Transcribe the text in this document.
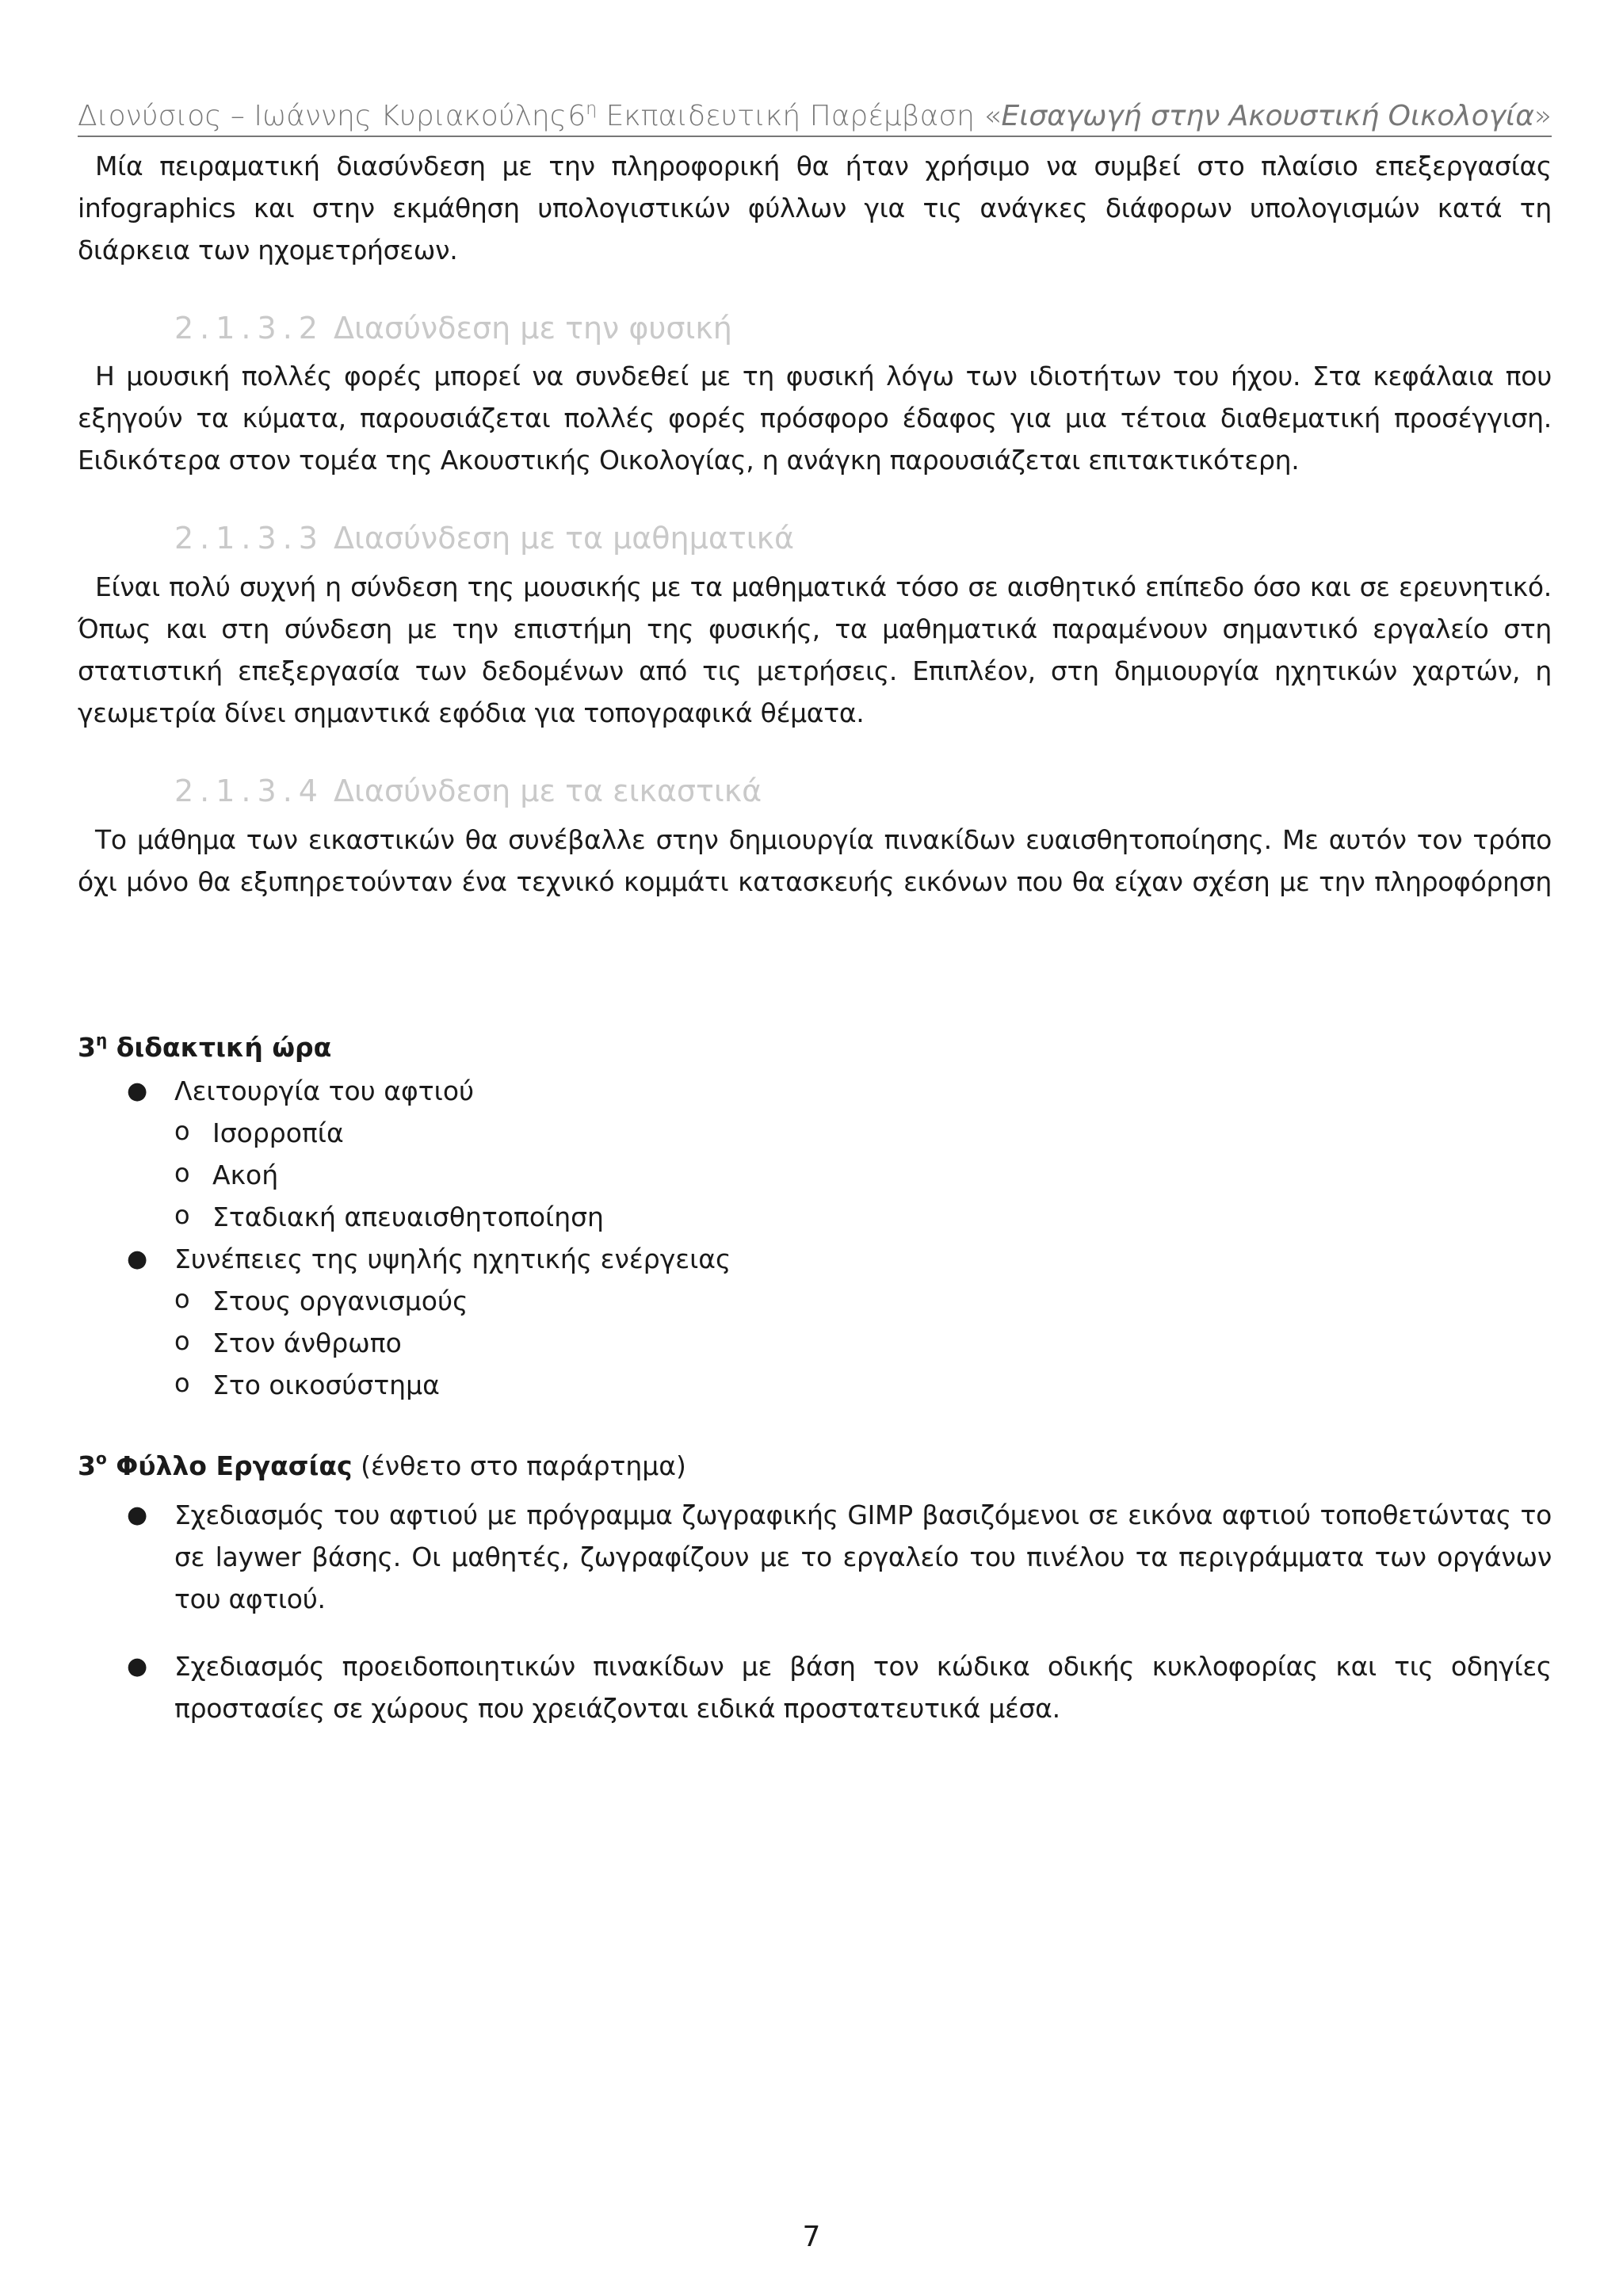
Διονύσιος – Ιωάννης Κυριακούλης $6^\eta$
Εκπαιδευτική Παρέμβαση « Εισαγωγή στην Ακουστική Οικολογία »
Μία πειραματική διασύνδεση με την πληροφορική θα ήταν χρήσιμο να συμβεί στο πλαίσιο επεξεργασίας infographics και στην εκμάθηση υπολογιστικών φύλλων για τις ανάγκες διάφορων υπολογισμών κατά τη διάρκεια των ηχομετρήσεων.
2.1.3.2 Διασύνδεση με την φυσική
Η μουσική πολλές φορές μπορεί να συνδεθεί με τη φυσική λόγω των ιδιοτήτων του ήχου. Στα κεφάλαια που εξηγούν τα κύματα, παρουσιάζεται πολλές φορές πρόσφορο έδαφος για μια τέτοια διαθεματική προσέγγιση. Ειδικότερα στον τομέα της Ακουστικής Οικολογίας, η ανάγκη παρουσιάζεται επιτακτικότερη.
2.1.3.3 Διασύνδεση με τα μαθηματικά
Είναι πολύ συχνή η σύνδεση της μουσικής με τα μαθηματικά τόσο σε αισθητικό επίπεδο όσο και σε ερευνητικό. Όπως και στη σύνδεση με την επιστήμη της φυσικής, τα μαθηματικά παραμένουν σημαντικό εργαλείο στη στατιστική επεξεργασία των δεδομένων από τις μετρήσεις. Επιπλέον, στη δημιουργία ηχητικών χαρτών, η γεωμετρία δίνει σημαντικά εφόδια για τοπογραφικά θέματα.
2.1.3.4 Διασύνδεση με τα εικαστικά
Το μάθημα των εικαστικών θα συνέβαλλε στην δημιουργία πινακίδων ευαισθητοποίησης. Με αυτόν τον τρόπο όχι μόνο θα εξυπηρετούνταν ένα τεχνικό κομμάτι κατασκευής εικόνων που θα είχαν σχέση με την πληροφόρηση
$3^\eta$ διδακτική ώρα
● Λειτουργία του αφτιού
o Ισορροπία
o Ακοή
o Σταδιακή απευαισθητοποίηση
● Συνέπειες της υψηλής ηχητικής ενέργειας
o Στους οργανισμούς
o Στον άνθρωπο
o Στο οικοσύστημα
$3^o$ Φύλλο Εργασίας (ένθετο στο παράρτημα)
● Σχεδιασμός του αφτιού με πρόγραμμα ζωγραφικής GIMP βασιζόμενοι σε εικόνα αφτιού τοποθετώντας το σε laywer βάσης. Οι μαθητές, ζωγραφίζουν με το εργαλείο του πινέλου τα περιγράμματα των οργάνων του αφτιού.
● Σχεδιασμός προειδοποιητικών πινακίδων με βάση τον κώδικα οδικής κυκλοφορίας και τις οδηγίες προστασίες σε χώρους που χρειάζονται ειδικά προστατευτικά μέσα.
7
